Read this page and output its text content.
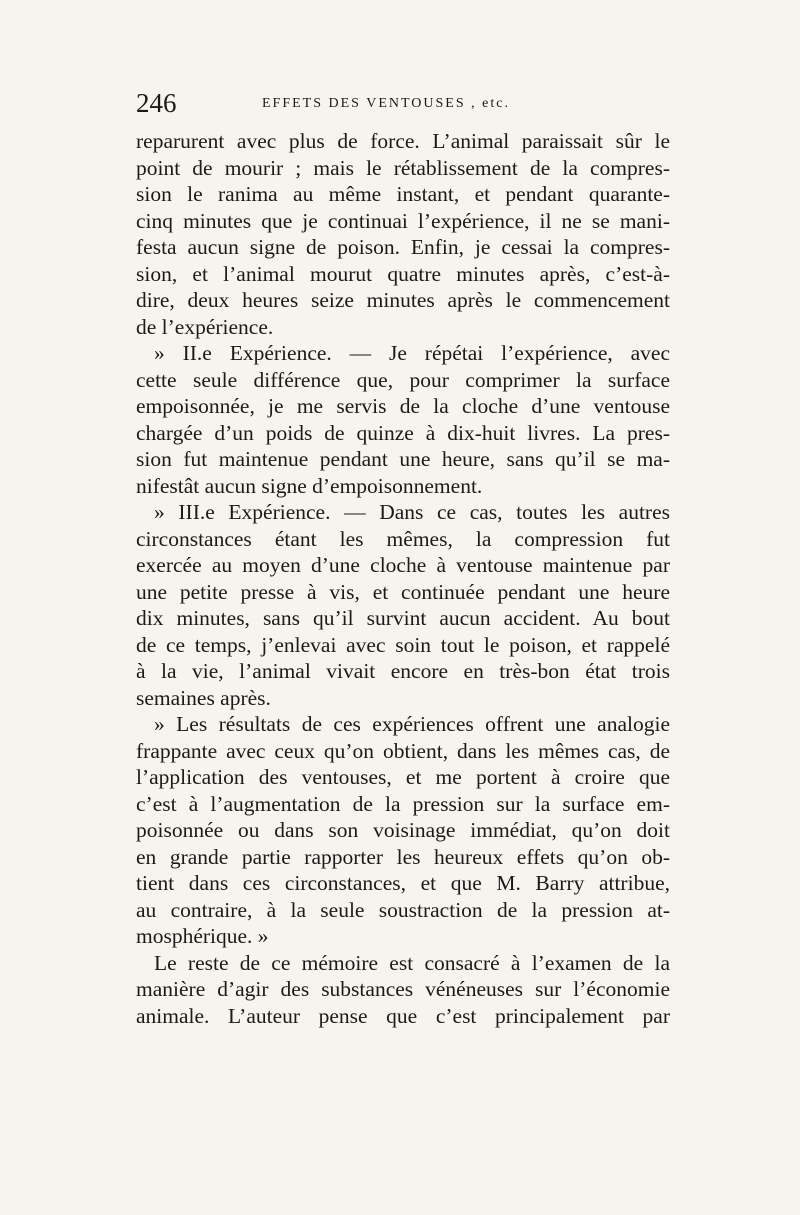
246	EFFETS DES VENTOUSES , etc.
reparurent avec plus de force. L’animal paraissait sûr le
point de mourir ; mais le rétablissement de la compres-
sion le ranima au même instant, et pendant quarante-
cinq minutes que je continuai l’expérience, il ne se mani-
festa aucun signe de poison. Enfin, je cessai la compres-
sion, et l’animal mourut quatre minutes après, c’est-à-
dire, deux heures seize minutes après le commencement
de l’expérience.
» II.e Expérience. — Je répétai l’expérience, avec
cette seule différence que, pour comprimer la surface
empoisonnée, je me servis de la cloche d’une ventouse
chargée d’un poids de quinze à dix-huit livres. La pres-
sion fut maintenue pendant une heure, sans qu’il se ma-
nifestât aucun signe d’empoisonnement.
» III.e Expérience. — Dans ce cas, toutes les autres
circonstances étant les mêmes, la compression fut
exercée au moyen d’une cloche à ventouse maintenue par
une petite presse à vis, et continuée pendant une heure
dix minutes, sans qu’il survint aucun accident. Au bout
de ce temps, j’enlevai avec soin tout le poison, et rappelé
à la vie, l’animal vivait encore en très-bon état trois
semaines après.
» Les résultats de ces expériences offrent une analogie
frappante avec ceux qu’on obtient, dans les mêmes cas, de
l’application des ventouses, et me portent à croire que
c’est à l’augmentation de la pression sur la surface em-
poisonnée ou dans son voisinage immédiat, qu’on doit
en grande partie rapporter les heureux effets qu’on ob-
tient dans ces circonstances, et que M. Barry attribue,
au contraire, à la seule soustraction de la pression at-
mosphérique. »
Le reste de ce mémoire est consacré à l’examen de la
manière d’agir des substances vénéneuses sur l’économie
animale. L’auteur pense que c’est principalement par
